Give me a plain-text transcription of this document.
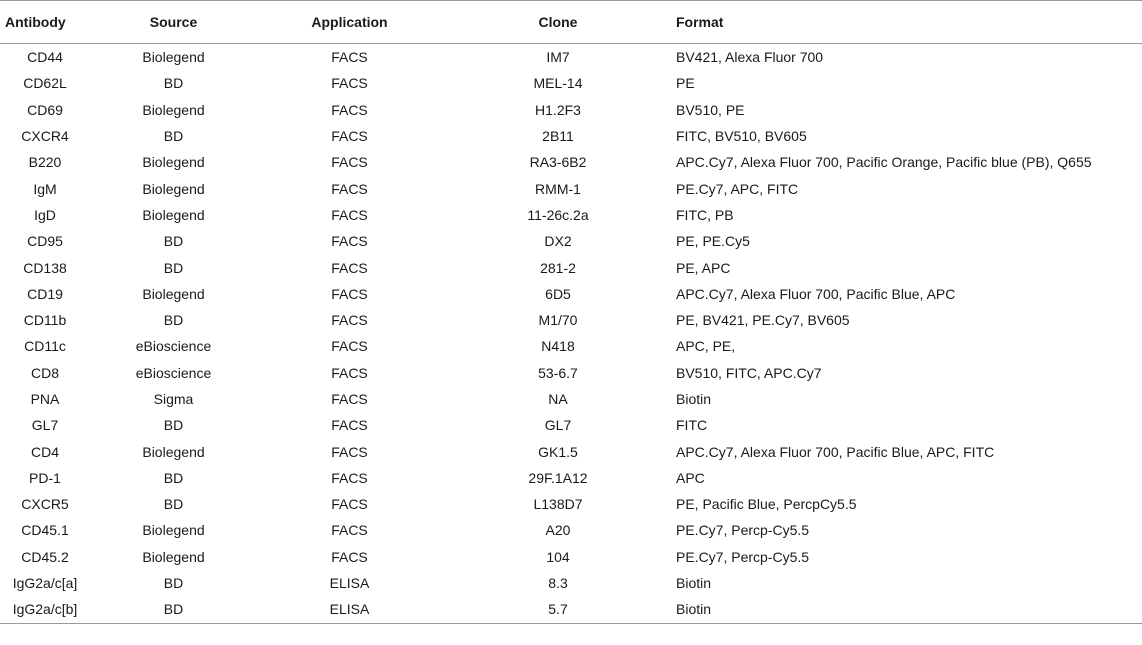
Antibody	Source	Application	Clone	Format
CD44	Biolegend	FACS	IM7	BV421, Alexa Fluor 700
CD62L	BD	FACS	MEL-14	PE
CD69	Biolegend	FACS	H1.2F3	BV510, PE
CXCR4	BD	FACS	2B11	FITC, BV510, BV605
B220	Biolegend	FACS	RA3-6B2	APC.Cy7, Alexa Fluor 700, Pacific Orange, Pacific blue (PB), Q655
IgM	Biolegend	FACS	RMM-1	PE.Cy7, APC, FITC
IgD	Biolegend	FACS	11-26c.2a	FITC, PB
CD95	BD	FACS	DX2	PE, PE.Cy5
CD138	BD	FACS	281-2	PE, APC
CD19	Biolegend	FACS	6D5	APC.Cy7, Alexa Fluor 700, Pacific Blue, APC
CD11b	BD	FACS	M1/70	PE, BV421, PE.Cy7, BV605
CD11c	eBioscience	FACS	N418	APC, PE,
CD8	eBioscience	FACS	53-6.7	BV510, FITC, APC.Cy7
PNA	Sigma	FACS	NA	Biotin
GL7	BD	FACS	GL7	FITC
CD4	Biolegend	FACS	GK1.5	APC.Cy7, Alexa Fluor 700, Pacific Blue, APC, FITC
PD-1	BD	FACS	29F.1A12	APC
CXCR5	BD	FACS	L138D7	PE, Pacific Blue, PercpCy5.5
CD45.1	Biolegend	FACS	A20	PE.Cy7, Percp-Cy5.5
CD45.2	Biolegend	FACS	104	PE.Cy7, Percp-Cy5.5
IgG2a/c[a]	BD	ELISA	8.3	Biotin
IgG2a/c[b]	BD	ELISA	5.7	Biotin
